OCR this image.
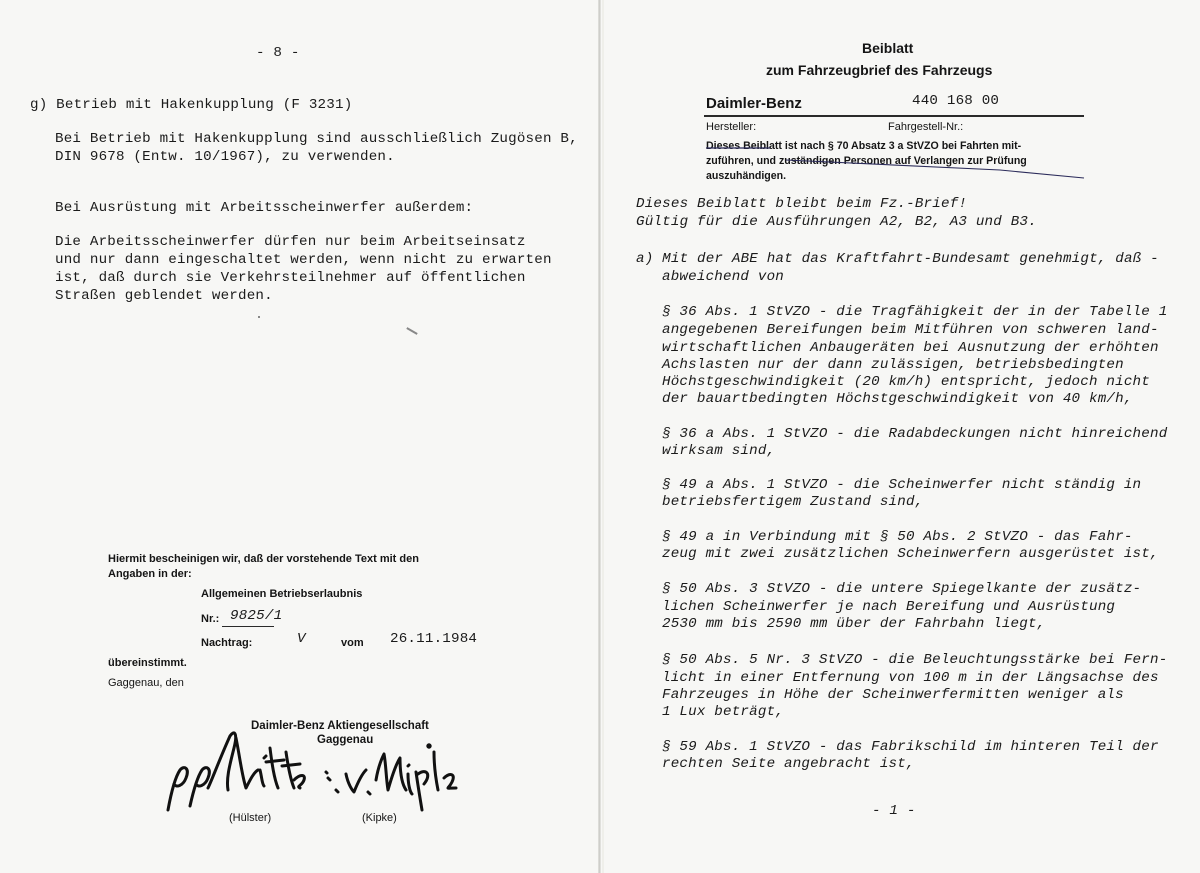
- 8 -
g) Betrieb mit Hakenkupplung (F 3231)
Bei Betrieb mit Hakenkupplung sind ausschließlich Zugösen B,
DIN 9678 (Entw. 10/1967), zu verwenden.
Bei Ausrüstung mit Arbeitsscheinwerfer außerdem:
Die Arbeitsscheinwerfer dürfen nur beim Arbeitseinsatz
und nur dann eingeschaltet werden, wenn nicht zu erwarten
ist, daß durch sie Verkehrsteilnehmer auf öffentlichen
Straßen geblendet werden.
Hiermit bescheinigen wir, daß der vorstehende Text mit den
Angaben in der:
Allgemeinen Betriebserlaubnis
Nr.: 9825/1
Nachtrag:	V	vom 26.11.1984
übereinstimmt.
Gaggenau, den
Daimler-Benz Aktiengesellschaft
Gaggenau
(Hülster)	(Kipke)
Beiblatt
zum Fahrzeugbrief des Fahrzeugs
Daimler-Benz	440 168 00
Hersteller:	Fahrgestell-Nr.:
Dieses Beiblatt ist nach § 70 Absatz 3 a StVZO bei Fahrten mit-
zuführen, und zuständigen Personen auf Verlangen zur Prüfung
auszuhändigen.
Dieses Beiblatt bleibt beim Fz.-Brief!
Gültig für die Ausführungen A2, B2, A3 und B3.
a) Mit der ABE hat das Kraftfahrt-Bundesamt genehmigt, daß -
abweichend von
§ 36 Abs. 1 StVZO - die Tragfähigkeit der in der Tabelle 1
angegebenen Bereifungen beim Mitführen von schweren land-
wirtschaftlichen Anbaugeräten bei Ausnutzung der erhöhten
Achslasten nur der dann zulässigen, betriebsbedingten
Höchstgeschwindigkeit (20 km/h) entspricht, jedoch nicht
der bauartbedingten Höchstgeschwindigkeit von 40 km/h,
§ 36 a Abs. 1 StVZO - die Radabdeckungen nicht hinreichend
wirksam sind,
§ 49 a Abs. 1 StVZO - die Scheinwerfer nicht ständig in
betriebsfertigem Zustand sind,
§ 49 a in Verbindung mit § 50 Abs. 2 StVZO - das Fahr-
zeug mit zwei zusätzlichen Scheinwerfern ausgerüstet ist,
§ 50 Abs. 3 StVZO - die untere Spiegelkante der zusätz-
lichen Scheinwerfer je nach Bereifung und Ausrüstung
2530 mm bis 2590 mm über der Fahrbahn liegt,
§ 50 Abs. 5 Nr. 3 StVZO - die Beleuchtungsstärke bei Fern-
licht in einer Entfernung von 100 m in der Längsachse des
Fahrzeuges in Höhe der Scheinwerfermitten weniger als
1 Lux beträgt,
§ 59 Abs. 1 StVZO - das Fabrikschild im hinteren Teil der
rechten Seite angebracht ist,
- 1 -
